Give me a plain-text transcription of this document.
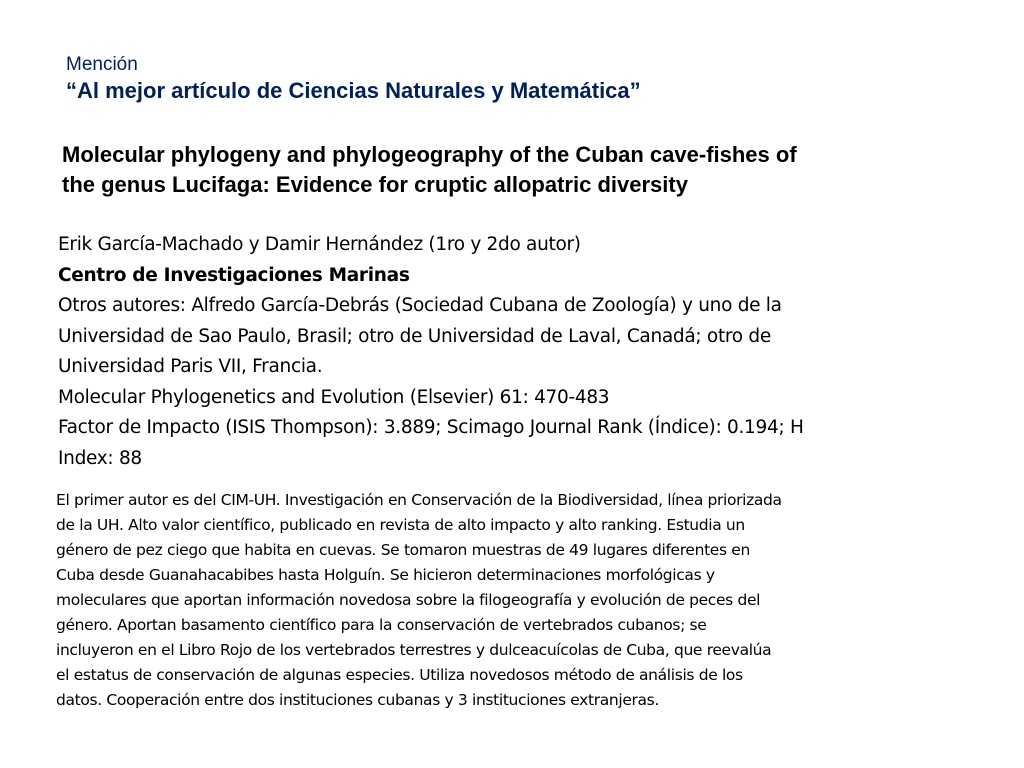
Mención
“Al mejor artículo de Ciencias Naturales y Matemática”
Molecular phylogeny and phylogeography of the Cuban cave-fishes of
the genus Lucifaga: Evidence for cruptic allopatric diversity
Erik García-Machado y Damir Hernández (1ro y 2do autor)
Centro de Investigaciones Marinas
Otros autores: Alfredo García-Debrás (Sociedad Cubana de Zoología) y uno de la
Universidad de Sao Paulo, Brasil; otro de Universidad de Laval, Canadá; otro de
Universidad Paris VII, Francia.
Molecular Phylogenetics and Evolution (Elsevier) 61: 470-483
Factor de Impacto (ISIS Thompson): 3.889; Scimago Journal Rank (Índice): 0.194; H
Index: 88
El primer autor es del CIM-UH. Investigación en Conservación de la Biodiversidad, línea priorizada
de la UH. Alto valor científico, publicado en revista de alto impacto y alto ranking. Estudia un
género de pez ciego que habita en cuevas. Se tomaron muestras de 49 lugares diferentes en
Cuba desde Guanahacabibes hasta Holguín. Se hicieron determinaciones morfológicas y
moleculares que aportan información novedosa sobre la filogeografía y evolución de peces del
género. Aportan basamento científico para la conservación de vertebrados cubanos; se
incluyeron en el Libro Rojo de los vertebrados terrestres y dulceacuícolas de Cuba, que reevalúa
el estatus de conservación de algunas especies. Utiliza novedosos método de análisis de los
datos. Cooperación entre dos instituciones cubanas y 3 instituciones extranjeras.
